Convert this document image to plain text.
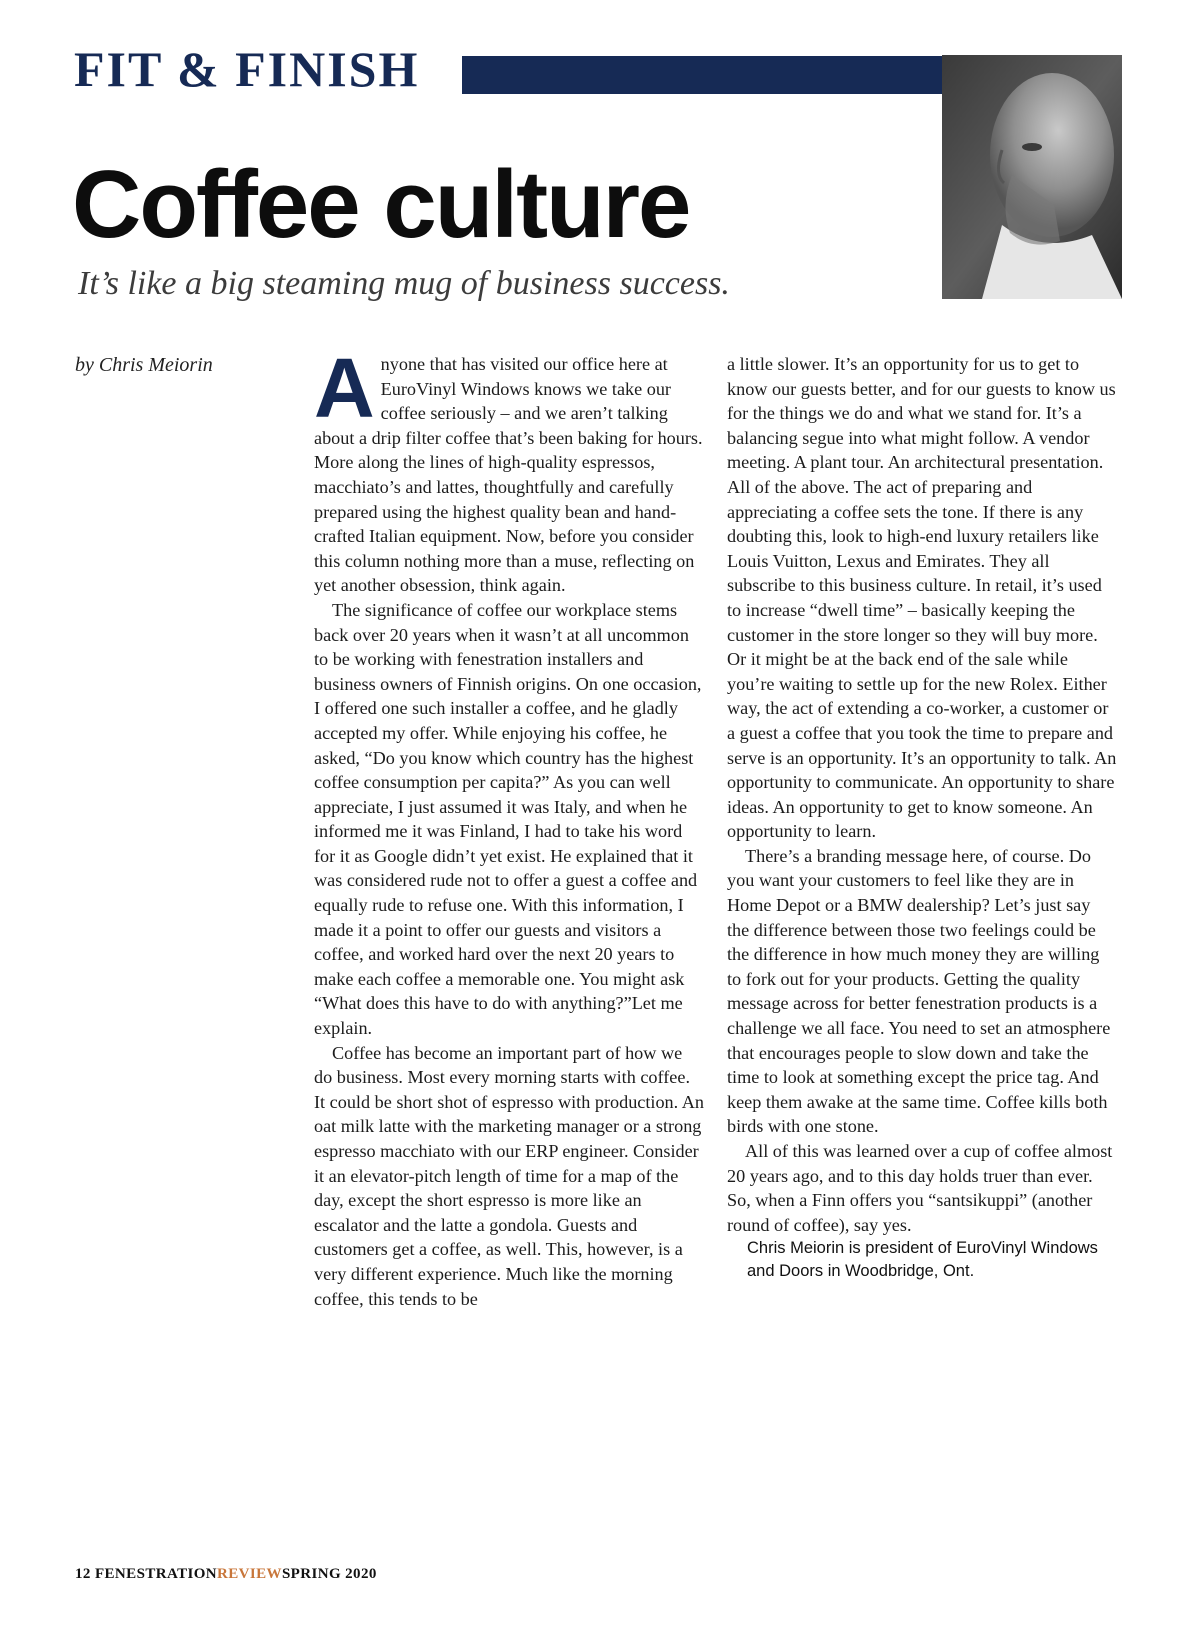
FIT & FINISH
Coffee culture

It’s like a big steaming mug of business success.

by Chris Meiorin Anyone that has visited our office here at EuroVinyl Windows knows we take our coffee seriously – and we aren’t talking about a drip filter coffee that’s been baking for hours. More along the lines of high-quality espressos, macchiato’s and lattes, thoughtfully and carefully prepared using the highest quality bean and hand-crafted Italian equipment. Now, before you consider this column nothing more than a muse, reflecting on yet another obsession, think again.

The significance of coffee our workplace stems back over 20 years when it wasn’t at all uncommon to be working with fenestration installers and business owners of Finnish origins. On one occasion, I offered one such installer a coffee, and he gladly accepted my offer. While enjoying his coffee, he asked, “Do you know which country has the highest coffee consumption per capita?” As you can well appreciate, I just assumed it was Italy, and when he informed me it was Finland, I had to take his word for it as Google didn’t yet exist. He explained that it was considered rude not to offer a guest a coffee and equally rude to refuse one. With this information, I made it a point to offer our guests and visitors a coffee, and worked hard over the next 20 years to make each coffee a memorable one. You might ask “What does this have to do with anything?”Let me explain.

Coffee has become an important part of how we do business. Most every morning starts with coffee. It could be short shot of espresso with production. An oat milk latte with the marketing manager or a strong espresso macchiato with our ERP engineer. Consider it an elevator-pitch length of time for a map of the day, except the short espresso is more like an escalator and the latte a gondola. Guests and customers get a coffee, as well. This, however, is a very different experience. Much like the morning coffee, this tends to be

a little slower. It’s an opportunity for us to get to know our guests better, and for our guests to know us for the things we do and what we stand for. It’s a balancing segue into what might follow. A vendor meeting. A plant tour. An architectural presentation. All of the above. The act of preparing and appreciating a coffee sets the tone. If there is any doubting this, look to high-end luxury retailers like Louis Vuitton, Lexus and Emirates. They all subscribe to this business culture. In retail, it’s used to increase “dwell time” – basically keeping the customer in the store longer so they will buy more. Or it might be at the back end of the sale while you’re waiting to settle up for the new Rolex. Either way, the act of extending a co-worker, a customer or a guest a coffee that you took the time to prepare and serve is an opportunity. It’s an opportunity to talk. An opportunity to communicate. An opportunity to share ideas. An opportunity to get to know someone. An opportunity to learn.

There’s a branding message here, of course. Do you want your customers to feel like they are in Home Depot or a BMW dealership? Let’s just say the difference between those two feelings could be the difference in how much money they are willing to fork out for your products. Getting the quality message across for better fenestration products is a challenge we all face. You need to set an atmosphere that encourages people to slow down and take the time to look at something except the price tag. And keep them awake at the same time. Coffee kills both birds with one stone.

All of this was learned over a cup of coffee almost 20 years ago, and to this day holds truer than ever. So, when a Finn offers you “santsikuppi” (another round of coffee), say yes.

Chris Meiorin is president of EuroVinyl Windows and Doors in Woodbridge, Ont.

12 FENESTRATIONREVIEWSPRING 2020
